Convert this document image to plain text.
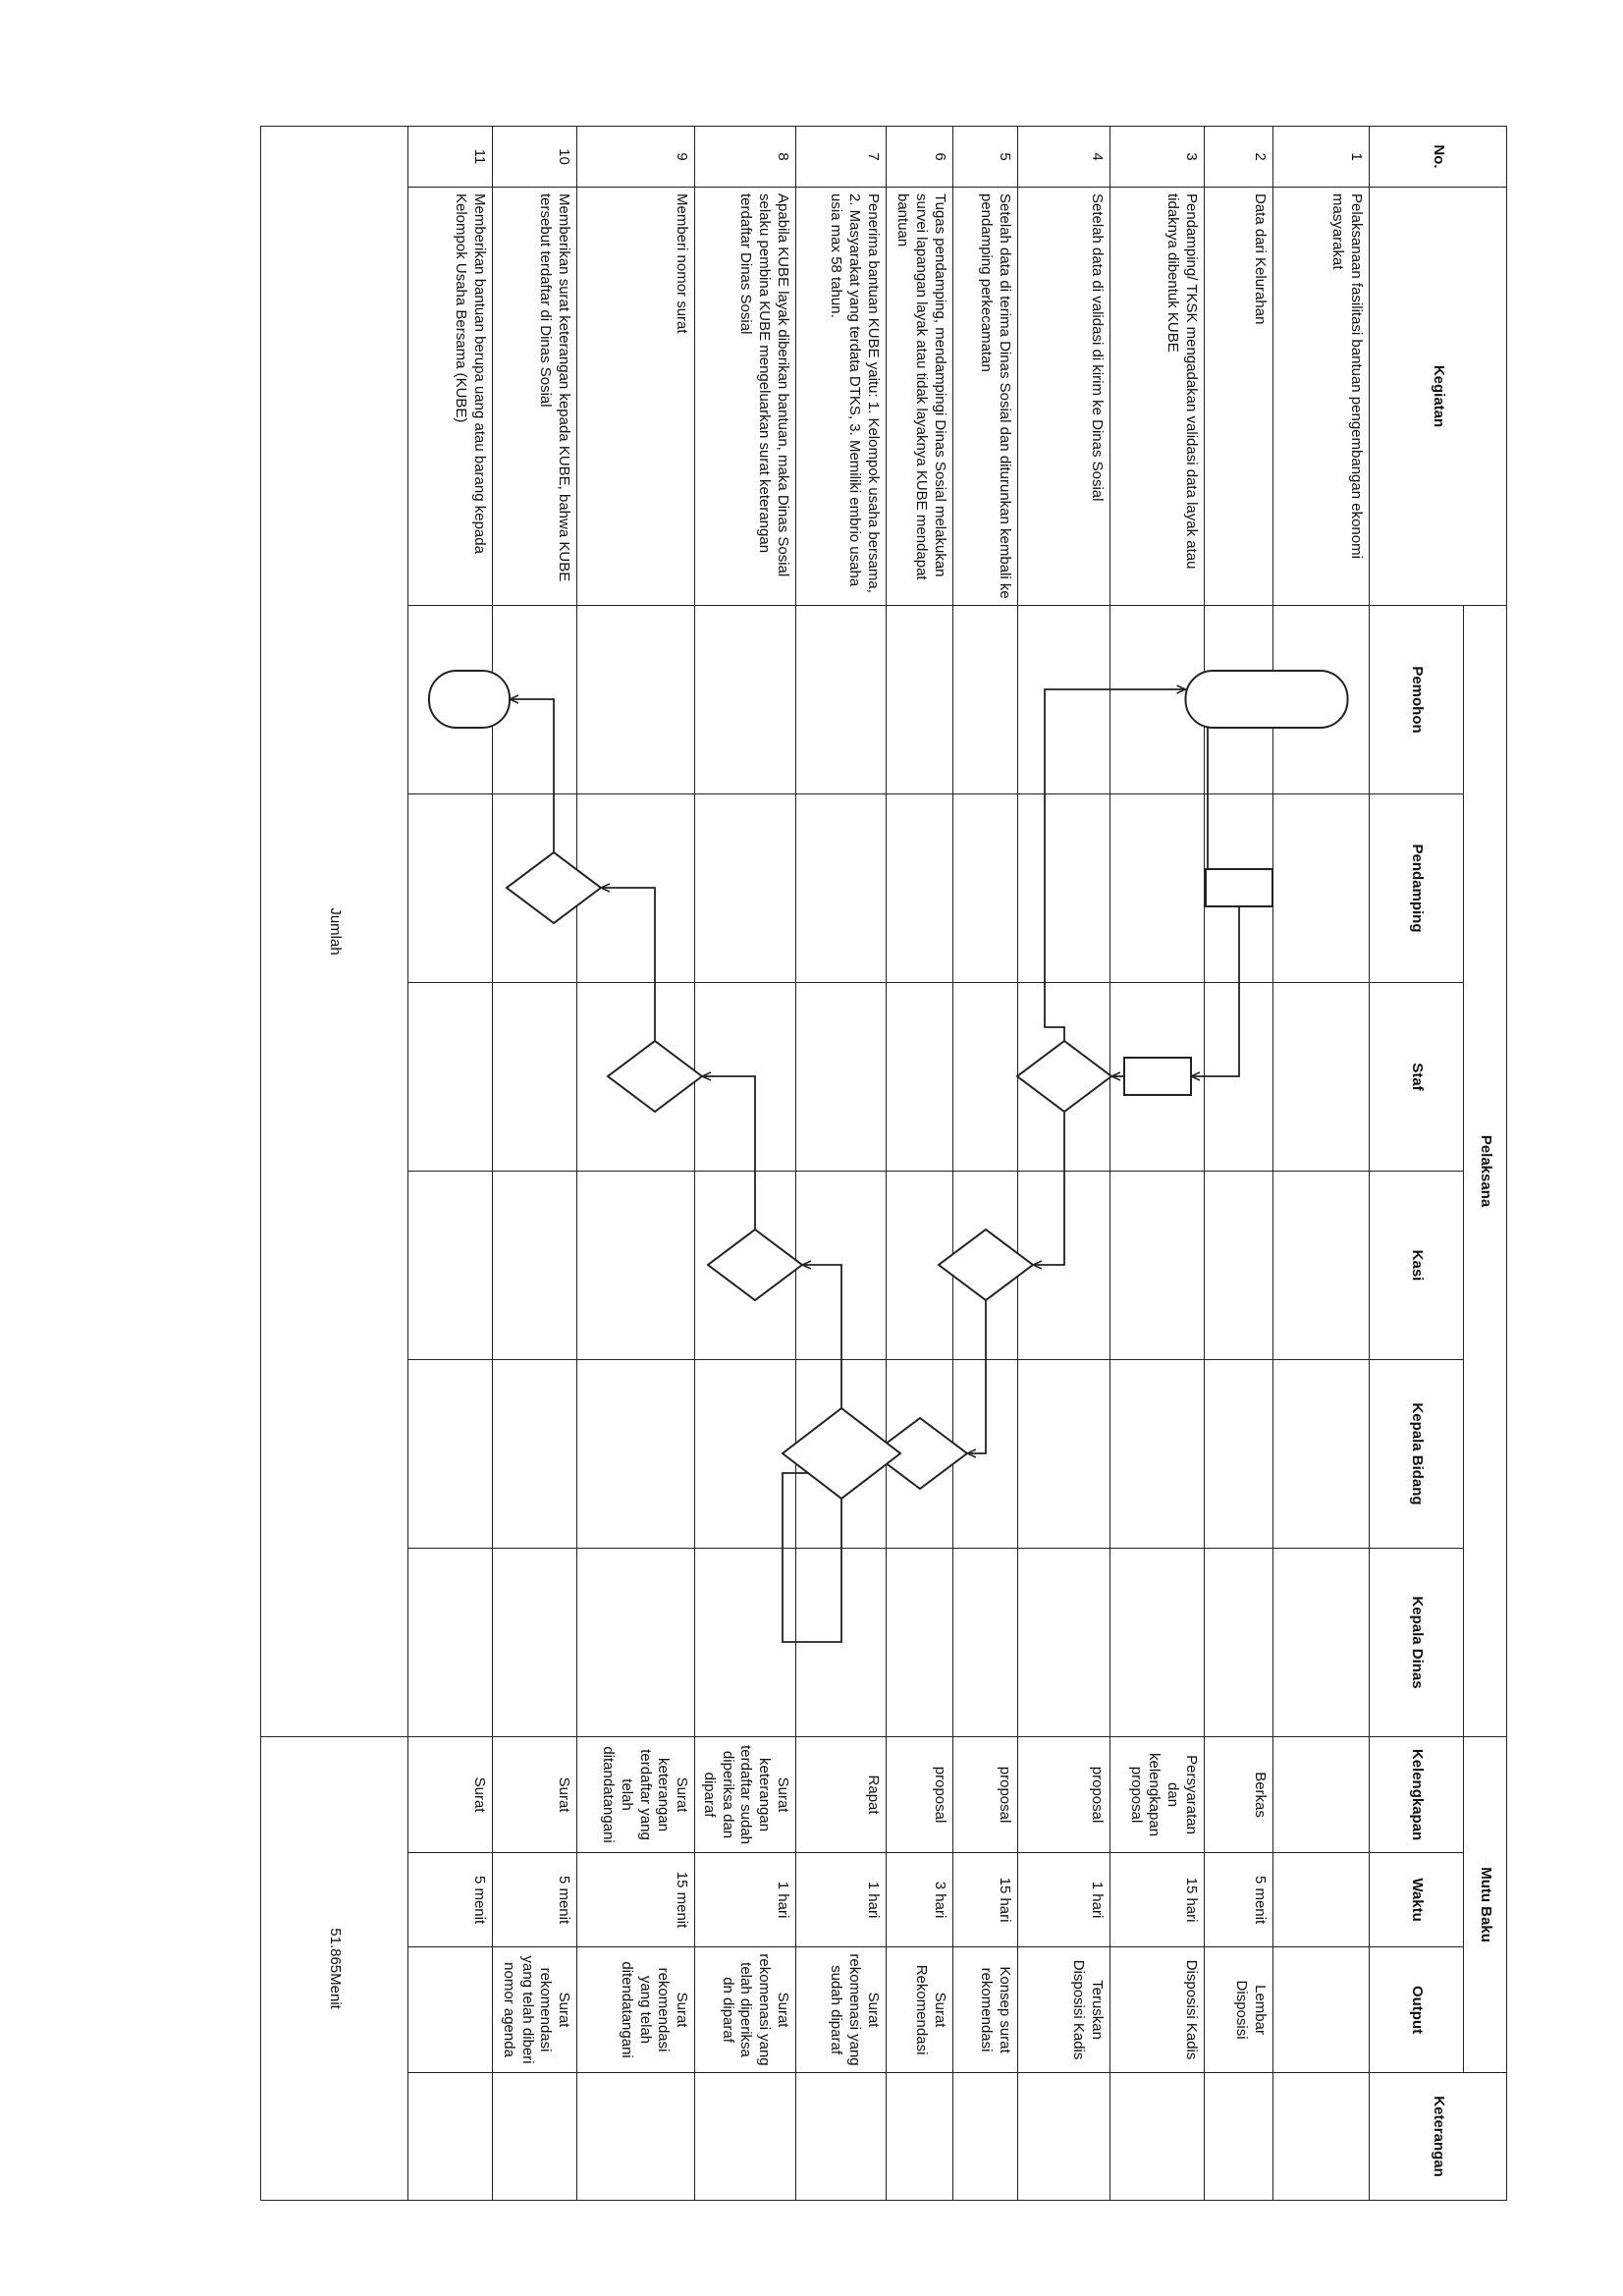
No.	Kegiatan	Pelaksana						Mutu Baku			Keterangan
		Pemohon	Pendamping	Staf	Kasi	Kepala Bidang	Kepala Dinas	Kelengkapan	Waktu	Output	
1	Pelaksanaan fasilitasi bantuan pengembangan ekonomi masyarakat										
2	Data dari Kelurahan							Berkas	5 menit	Lembar Disposisi	
3	Pendamping/ TKSK mengadakan validasi data layak atau tidaknya dibentuk KUBE							Persyaratan dan kelengkapan proposal	15 hari	Disposisi Kadis	
4	Setelah data di validasi di kirim ke Dinas Sosial							proposal	1 hari	Teruskan Disposisi Kadis	
5	Setelah data di terima Dinas Sosial dan diturunkan kembali ke pendamping perkecamatan							proposal	15 hari	Konsep surat rekomendasi	
6	Tugas pendamping, mendampingi Dinas Sosial melakukan survei lapangan layak atau tidak layaknya KUBE mendapat bantuan							proposal	3 hari	Surat Rekomendasi	
7	Penerima bantuan KUBE yaitu: 1. Kelompok usaha bersama, 2. Masyarakat yang terdata DTKS, 3. Memiliki embrio usaha usia max 58 tahun.							Rapat	1 hari	Surat rekomenasi yang sudah diparaf	
8	Apabila KUBE layak diberikan bantuan, maka Dinas Sosial selaku pembina KUBE mengeluarkan surat keterangan terdaftar Dinas Sosial							Surat keterangan terdaftar sudah diperiksa dan diparaf	1 hari	Surat rekomenasi yang telah diperiksa dn diparaf	
9	Memberi nomor surat							Surat keterangan terdaftar yang telah ditandatangani	15 menit	Surat rekomendasi yang telah ditendatangani	
10	Memberikan surat keterangan kepada KUBE, bahwa KUBE tersebut terdaftar di Dinas Sosial							Surat	5 menit	Surat rekomendasi yang telah diberi nomor agenda	
11	Memberikan bantuan berupa uang atau barang kepada Kelompok Usaha Bersama (KUBE)							Surat	5 menit		
Jumlah								51.865Menit			
